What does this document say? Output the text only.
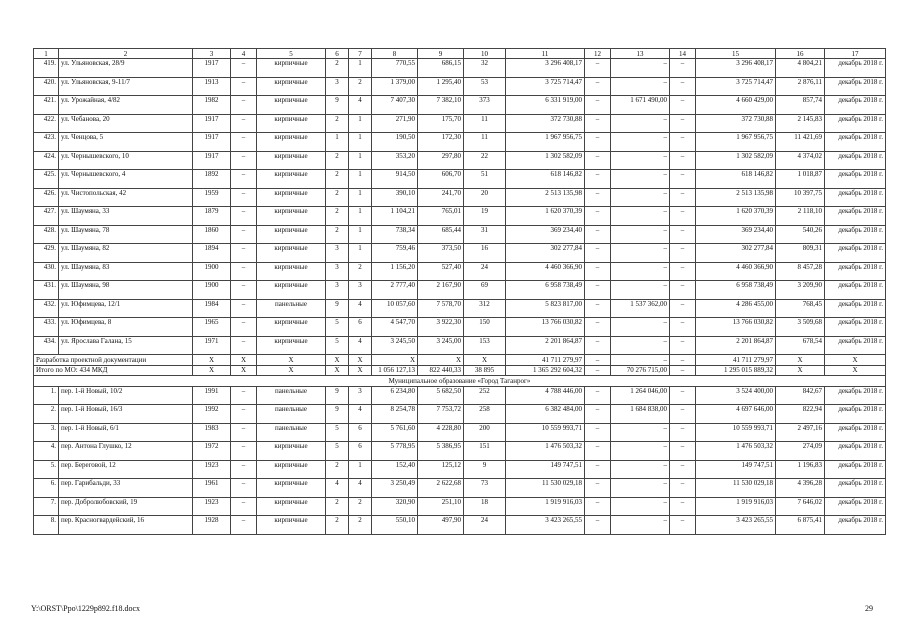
1	2	3	4	5	6	7	8	9	10	11	12	13	14	15	16	17
419.	ул. Ульяновская, 28/9	1917	–	кирпичные	2	1	770,55	686,15	32	3 296 408,17	–	–	–	3 296 408,17	4 804,21	декабрь 2018 г.
420.	ул. Ульяновская, 9-11/7	1913	–	кирпичные	3	2	1 379,00	1 295,40	53	3 725 714,47	–	–	–	3 725 714,47	2 876,11	декабрь 2018 г.
421.	ул. Урожайная, 4/82	1982	–	кирпичные	9	4	7 407,30	7 382,10	373	6 331 919,00	–	1 671 490,00	–	4 660 429,00	857,74	декабрь 2018 г.
422.	ул. Чебанова, 20	1917	–	кирпичные	2	1	271,90	175,70	11	372 730,88	–	–	–	372 730,88	2 145,83	декабрь 2018 г.
423.	ул. Ченцова, 5	1917	–	кирпичные	1	1	190,50	172,30	11	1 967 956,75	–	–	–	1 967 956,75	11 421,69	декабрь 2018 г.
424.	ул. Чернышевского, 10	1917	–	кирпичные	2	1	353,20	297,80	22	1 302 582,09	–	–	–	1 302 582,09	4 374,02	декабрь 2018 г.
425.	ул. Чернышевского, 4	1892	–	кирпичные	2	1	914,50	606,70	51	618 146,82	–	–	–	618 146,82	1 018,87	декабрь 2018 г.
426.	ул. Чистопольская, 42	1959	–	кирпичные	2	1	390,10	241,70	20	2 513 135,98	–	–	–	2 513 135,98	10 397,75	декабрь 2018 г.
427.	ул. Шаумяна, 33	1879	–	кирпичные	2	1	1 104,21	765,01	19	1 620 370,39	–	–	–	1 620 370,39	2 118,10	декабрь 2018 г.
428.	ул. Шаумяна, 78	1860	–	кирпичные	2	1	738,34	685,44	31	369 234,40	–	–	–	369 234,40	540,26	декабрь 2018 г.
429.	ул. Шаумяна, 82	1894	–	кирпичные	3	1	759,46	373,50	16	302 277,84	–	–	–	302 277,84	809,31	декабрь 2018 г.
430.	ул. Шаумяна, 83	1900	–	кирпичные	3	2	1 156,20	527,40	24	4 460 366,90	–	–	–	4 460 366,90	8 457,28	декабрь 2018 г.
431.	ул. Шаумяна, 98	1900	–	кирпичные	3	3	2 777,40	2 167,90	69	6 958 738,49	–	–	–	6 958 738,49	3 209,90	декабрь 2018 г.
432.	ул. Юфимцева, 12/1	1984	–	панельные	9	4	10 057,60	7 578,70	312	5 823 817,00	–	1 537 362,00	–	4 286 455,00	768,45	декабрь 2018 г.
433.	ул. Юфимцева, 8	1965	–	кирпичные	5	6	4 547,70	3 922,30	150	13 766 030,82	–	–	–	13 766 030,82	3 509,68	декабрь 2018 г.
434.	ул. Ярослава Галана, 15	1971	–	кирпичные	5	4	3 245,50	3 245,00	153	2 201 864,87	–	–	–	2 201 864,87	678,54	декабрь 2018 г.
Разработка проектной документации		X	X	X	X	X	X	X	X	41 711 279,97	–	–	–	41 711 279,97	X	X
Итого по МО: 434 МКД		X	X	X	X	X	1 056 127,13	822 440,33	38 895	1 365 292 604,32	–	70 276 715,00	–	1 295 015 889,32	X	X
Муниципальное образование «Город Таганрог»																
1.	пер. 1-й Новый, 10/2	1991	–	панельные	9	3	6 234,80	5 682,50	252	4 788 446,00	–	1 264 046,00	–	3 524 400,00	842,67	декабрь 2018 г.
2.	пер. 1-й Новый, 16/3	1992	–	панельные	9	4	8 254,78	7 753,72	258	6 382 484,00	–	1 684 838,00	–	4 697 646,00	822,94	декабрь 2018 г.
3.	пер. 1-й Новый, 6/1	1983	–	панельные	5	6	5 761,60	4 228,80	200	10 559 993,71	–	–	–	10 559 993,71	2 497,16	декабрь 2018 г.
4.	пер. Антона Глушко, 12	1972	–	кирпичные	5	6	5 778,95	5 386,95	151	1 476 503,32	–	–	–	1 476 503,32	274,09	декабрь 2018 г.
5.	пер. Береговой, 12	1923	–	кирпичные	2	1	152,40	125,12	9	149 747,51	–	–	–	149 747,51	1 196,83	декабрь 2018 г.
6.	пер. Гарибальди, 33	1961	–	кирпичные	4	4	3 250,49	2 622,68	73	11 530 029,18	–	–	–	11 530 029,18	4 396,28	декабрь 2018 г.
7.	пер. Добролюбовский, 19	1923	–	кирпичные	2	2	320,90	251,10	18	1 919 916,03	–	–	–	1 919 916,03	7 646,02	декабрь 2018 г.
8.	пер. Красногвардейский, 16	1928	–	кирпичные	2	2	550,10	497,90	24	3 423 265,55	–	–	–	3 423 265,55	6 875,41	декабрь 2018 г.
Y:\ORST\Ppo\1229p892.f18.docx	29
